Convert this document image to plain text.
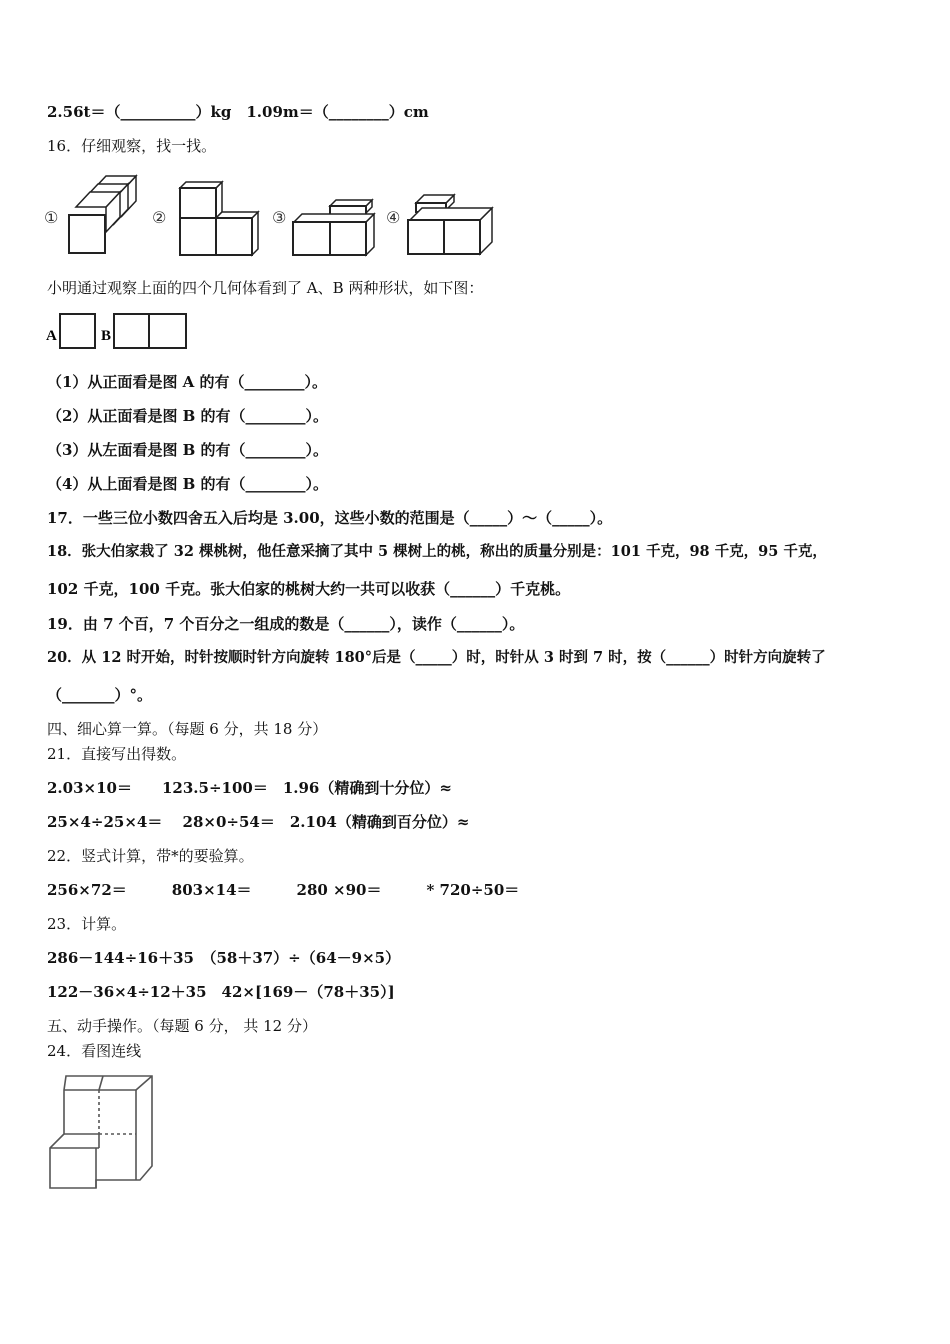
2.56t＝（__________）kg　1.09m＝（________）cm
16．仔细观察，找一找。
①	②	③	④
小明通过观察上面的四个几何体看到了 A、B 两种形状，如下图：
A	B
（1）从正面看是图 A 的有（________）。
（2）从正面看是图 B 的有（________）。
（3）从左面看是图 B 的有（________）。
（4）从上面看是图 B 的有（________）。
17．一些三位小数四舍五入后均是 3.00，这些小数的范围是（_____）～（_____）。
18．张大伯家栽了 32 棵桃树，他任意采摘了其中 5 棵树上的桃，称出的质量分别是：101 千克，98 千克，95 千克，
102 千克，100 千克。张大伯家的桃树大约一共可以收获（______）千克桃。
19．由 7 个百，7 个百分之一组成的数是（______），读作（______）。
20．从 12 时开始，时针按顺时针方向旋转 180°后是（_____）时，时针从 3 时到 7 时，按（______）时针方向旋转了
（_______）°。
四、细心算一算。（每题 6 分，共 18 分）
21．直接写出得数。
2.03×10＝　　123.5÷100＝　1.96（精确到十分位）≈
25×4÷25×4＝　 28×0÷54＝　2.104（精确到百分位）≈
22．竖式计算，带*的要验算。
256×72＝　　　803×14＝　　　280 ×90＝　　　* 720÷50＝
23．计算。
286－144÷16＋35　（58＋37）÷（64－9×5）
122－36×4÷12＋35　42×[169－（78＋35）]
五、动手操作。（每题 6 分， 共 12 分）
24．看图连线
